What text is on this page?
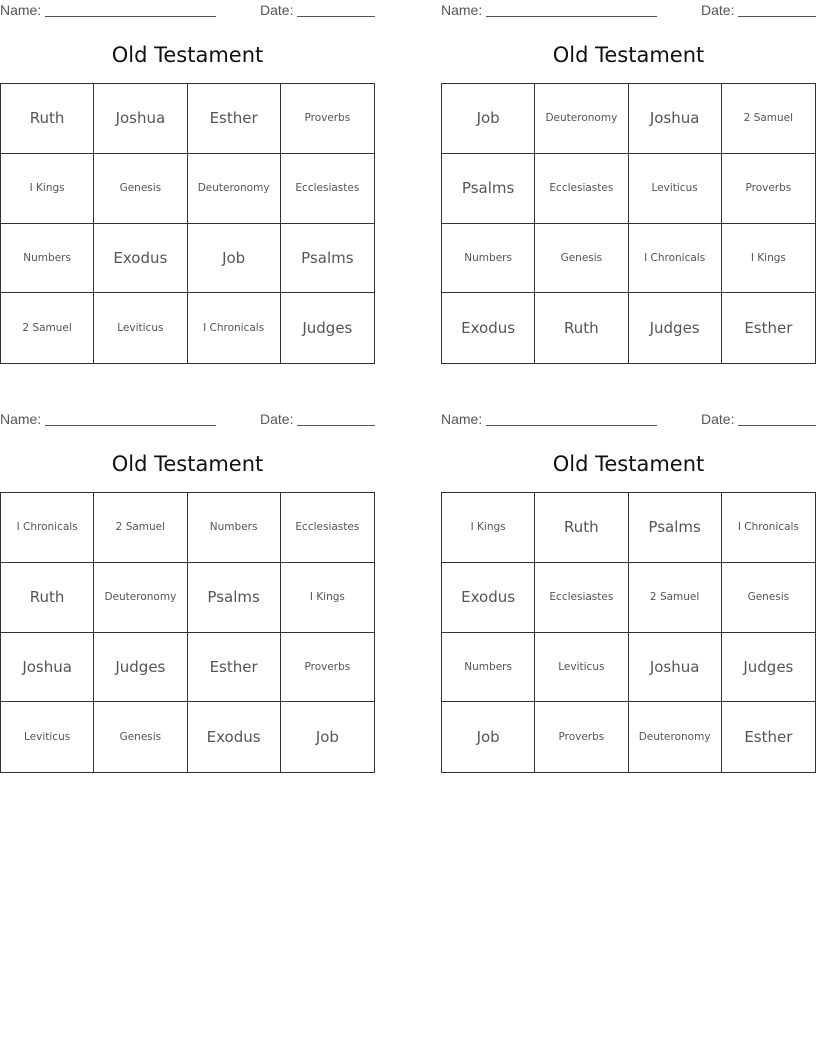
Name:	Date:
Old Testament
Ruth	Joshua	Esther	Proverbs
I Kings	Genesis	Deuteronomy	Ecclesiastes
Numbers	Exodus	Job	Psalms
2 Samuel	Leviticus	I Chronicals	Judges
Name:	Date:
Old Testament
Job	Deuteronomy	Joshua	2 Samuel
Psalms	Ecclesiastes	Leviticus	Proverbs
Numbers	Genesis	I Chronicals	I Kings
Exodus	Ruth	Judges	Esther
Name:	Date:
Old Testament
I Chronicals	2 Samuel	Numbers	Ecclesiastes
Ruth	Deuteronomy	Psalms	I Kings
Joshua	Judges	Esther	Proverbs
Leviticus	Genesis	Exodus	Job
Name:	Date:
Old Testament
I Kings	Ruth	Psalms	I Chronicals
Exodus	Ecclesiastes	2 Samuel	Genesis
Numbers	Leviticus	Joshua	Judges
Job	Proverbs	Deuteronomy	Esther
